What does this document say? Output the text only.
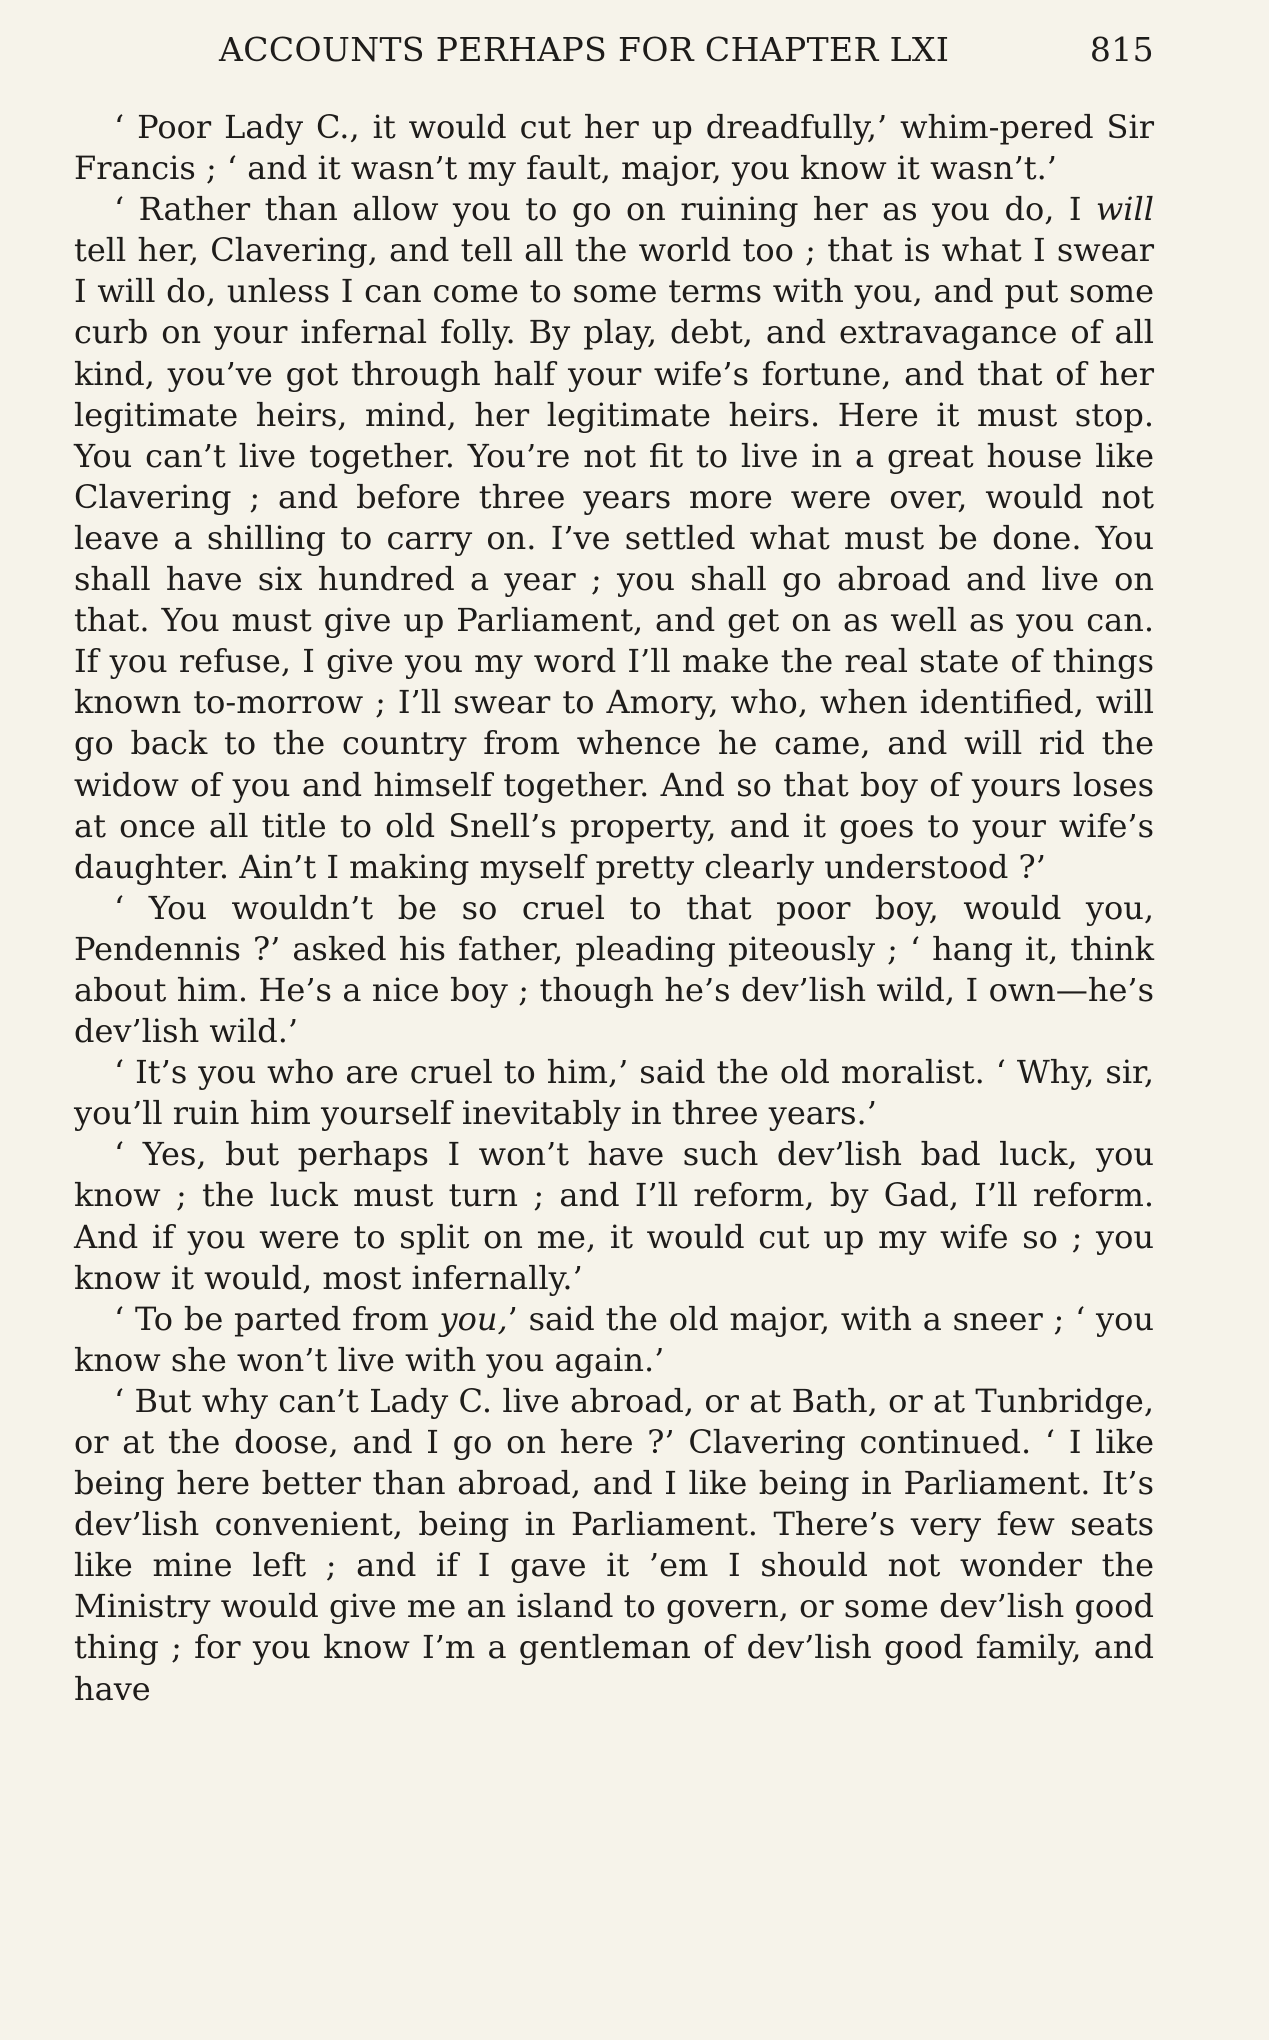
ACCOUNTS PERHAPS FOR CHAPTER LXI	815

‘ Poor Lady C., it would cut her up dreadfully,’ whim-pered Sir Francis ; ‘ and it wasn’t my fault, major, you know it wasn’t.’

‘ Rather than allow you to go on ruining her as you do, I will tell her, Clavering, and tell all the world too ; that is what I swear I will do, unless I can come to some terms with you, and put some curb on your infernal folly. By play, debt, and extravagance of all kind, you’ve got through half your wife’s fortune, and that of her legitimate heirs, mind, her legitimate heirs. Here it must stop. You can’t live together. You’re not fit to live in a great house like Clavering ; and before three years more were over, would not leave a shilling to carry on. I’ve settled what must be done. You shall have six hundred a year ; you shall go abroad and live on that. You must give up Parliament, and get on as well as you can. If you refuse, I give you my word I’ll make the real state of things known to-morrow ; I’ll swear to Amory, who, when identified, will go back to the country from whence he came, and will rid the widow of you and himself together. And so that boy of yours loses at once all title to old Snell’s property, and it goes to your wife’s daughter. Ain’t I making myself pretty clearly understood ?’

‘ You wouldn’t be so cruel to that poor boy, would you, Pendennis ?’ asked his father, pleading piteously ; ‘ hang it, think about him. He’s a nice boy ; though he’s dev’lish wild, I own—he’s dev’lish wild.’

‘ It’s you who are cruel to him,’ said the old moralist. ‘ Why, sir, you’ll ruin him yourself inevitably in three years.’

‘ Yes, but perhaps I won’t have such dev’lish bad luck, you know ; the luck must turn ; and I’ll reform, by Gad, I’ll reform. And if you were to split on me, it would cut up my wife so ; you know it would, most infernally.’

‘ To be parted from you,’ said the old major, with a sneer ; ‘ you know she won’t live with you again.’

‘ But why can’t Lady C. live abroad, or at Bath, or at Tunbridge, or at the doose, and I go on here ?’ Clavering continued. ‘ I like being here better than abroad, and I like being in Parliament. It’s dev’lish convenient, being in Parliament. There’s very few seats like mine left ; and if I gave it ’em I should not wonder the Ministry would give me an island to govern, or some dev’lish good thing ; for you know I’m a gentleman of dev’lish good family, and have
